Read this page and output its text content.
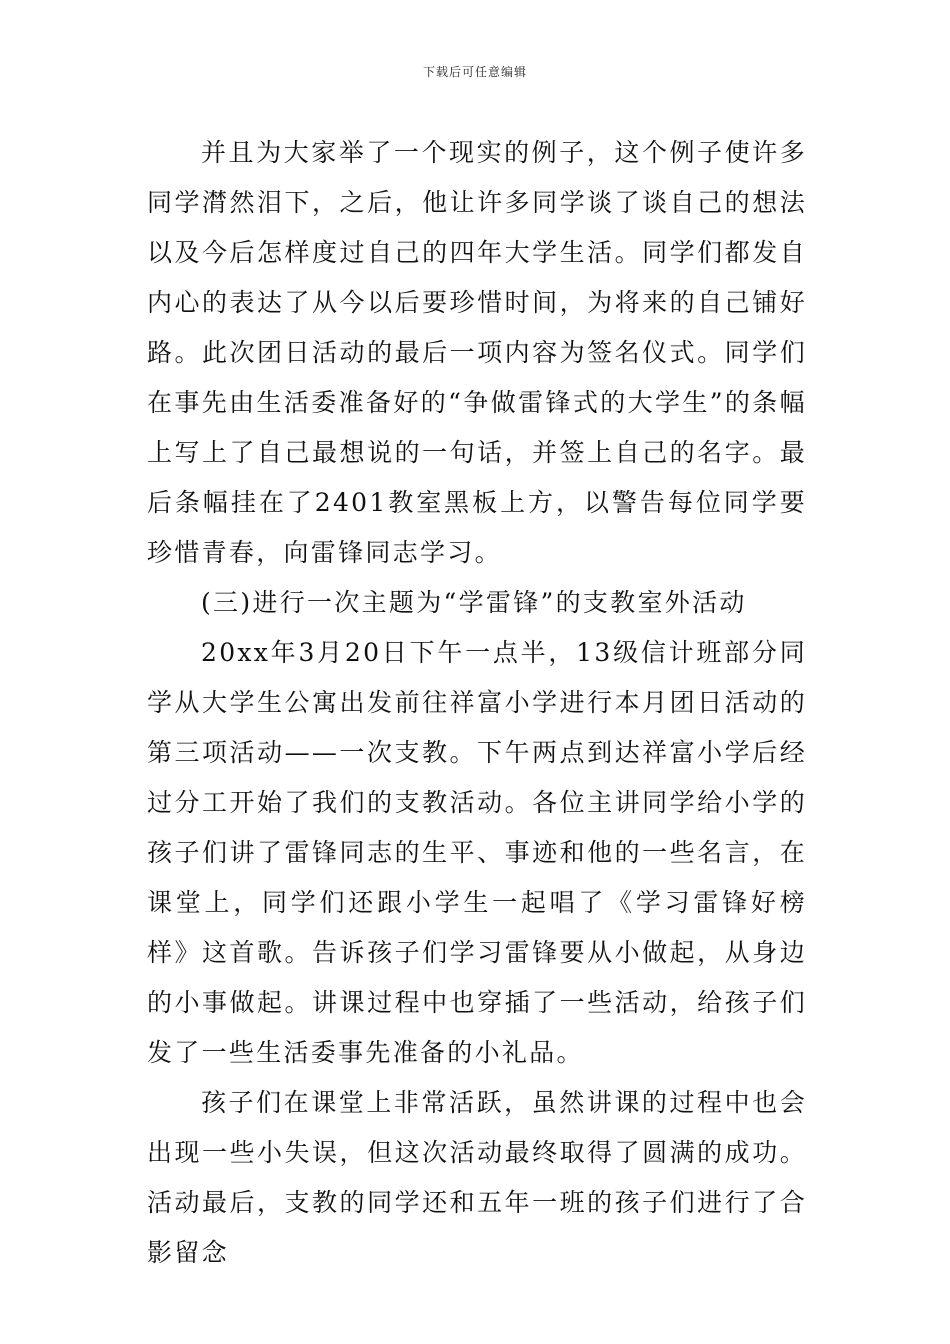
下载后可任意编辑

并且为大家举了一个现实的例子，这个例子使许多同学潸然泪下，之后，他让许多同学谈了谈自己的想法以及今后怎样度过自己的四年大学生活。同学们都发自内心的表达了从今以后要珍惜时间，为将来的自己铺好路。此次团日活动的最后一项内容为签名仪式。同学们在事先由生活委准备好的“争做雷锋式的大学生”的条幅上写上了自己最想说的一句话，并签上自己的名字。最后条幅挂在了2401教室黑板上方，以警告每位同学要珍惜青春，向雷锋同志学习。

(三)进行一次主题为“学雷锋”的支教室外活动

20xx年3月20日下午一点半，13级信计班部分同学从大学生公寓出发前往祥富小学进行本月团日活动的第三项活动——一次支教。下午两点到达祥富小学后经过分工开始了我们的支教活动。各位主讲同学给小学的孩子们讲了雷锋同志的生平、事迹和他的一些名言，在课堂上，同学们还跟小学生一起唱了《学习雷锋好榜样》这首歌。告诉孩子们学习雷锋要从小做起，从身边的小事做起。讲课过程中也穿插了一些活动，给孩子们发了一些生活委事先准备的小礼品。

孩子们在课堂上非常活跃，虽然讲课的过程中也会出现一些小失误，但这次活动最终取得了圆满的成功。活动最后，支教的同学还和五年一班的孩子们进行了合影留念
